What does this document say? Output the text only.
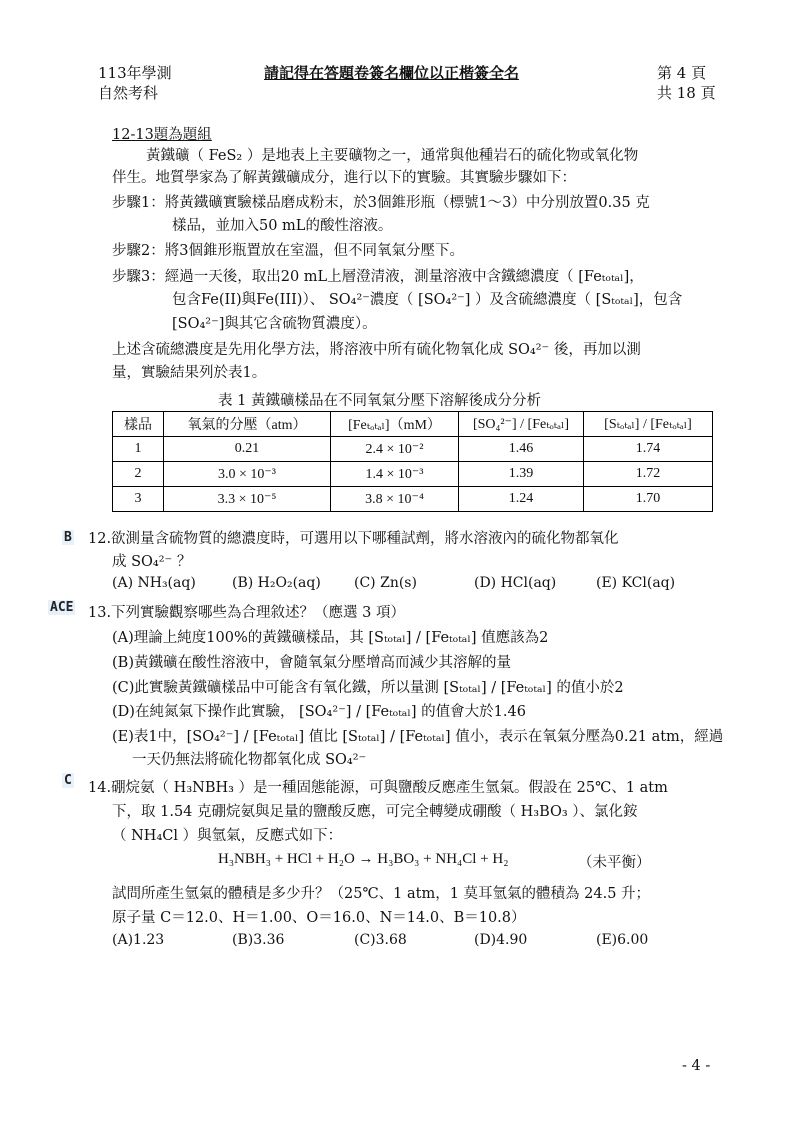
113年學測
自然考科
請記得在答題卷簽名欄位以正楷簽全名	第 4 頁
共 18 頁
12-13題為題組
黃鐵礦（ FeS₂ ）是地表上主要礦物之一，通常與他種岩石的硫化物或氧化物
伴生。地質學家為了解黃鐵礦成分，進行以下的實驗。其實驗步驟如下：
步驟1：將黃鐵礦實驗樣品磨成粉末，於3個錐形瓶（標號1～3）中分別放置0.35 克
樣品，並加入50 mL的酸性溶液。
步驟2：將3個錐形瓶置放在室溫，但不同氧氣分壓下。
步驟3：經過一天後，取出20 mL上層澄清液，測量溶液中含鐵總濃度（ [Feₜₒₜₐₗ]，
包含Fe(II)與Fe(III)）、 SO₄²⁻濃度（ [SO₄²⁻] ）及含硫總濃度（ [Sₜₒₜₐₗ]，包含
[SO₄²⁻]與其它含硫物質濃度）。
上述含硫總濃度是先用化學方法，將溶液中所有硫化物氧化成 SO₄²⁻ 後，再加以測
量，實驗結果列於表1。
表 1 黃鐵礦樣品在不同氧氣分壓下溶解後成分分析
樣品	氧氣的分壓（atm）	[Feₜₒₜₐₗ]（mM）	[SO₄²⁻] / [Feₜₒₜₐₗ]	[Sₜₒₜₐₗ] / [Feₜₒₜₐₗ]
1	0.21	2.4 × 10⁻²	1.46	1.74
2	3.0 × 10⁻³	1.4 × 10⁻³	1.39	1.72
3	3.3 × 10⁻⁵	3.8 × 10⁻⁴	1.24	1.70
B 12.欲測量含硫物質的總濃度時，可選用以下哪種試劑，將水溶液內的硫化物都氧化
成 SO₄²⁻ ？
(A) NH₃(aq)	(B) H₂O₂(aq) (C) Zn(s)	(D) HCl(aq)	(E) KCl(aq)
ACE 13.下列實驗觀察哪些為合理敘述？（應選 3 項）
(A)理論上純度100%的黃鐵礦樣品，其 [Sₜₒₜₐₗ] / [Feₜₒₜₐₗ] 值應該為2
(B)黃鐵礦在酸性溶液中，會隨氧氣分壓增高而減少其溶解的量
(C)此實驗黃鐵礦樣品中可能含有氧化鐵，所以量測 [Sₜₒₜₐₗ] / [Feₜₒₜₐₗ] 的值小於2
(D)在純氮氣下操作此實驗， [SO₄²⁻] / [Feₜₒₜₐₗ] 的值會大於1.46
(E)表1中，[SO₄²⁻] / [Feₜₒₜₐₗ] 值比 [Sₜₒₜₐₗ] / [Feₜₒₜₐₗ] 值小，表示在氧氣分壓為0.21 atm，經過
一天仍無法將硫化物都氧化成 SO₄²⁻
C 14.硼烷氨（ H₃NBH₃ ）是一種固態能源，可與鹽酸反應產生氫氣。假設在 25℃、1 atm
下，取 1.54 克硼烷氨與足量的鹽酸反應，可完全轉變成硼酸（ H₃BO₃ ）、氯化銨
（ NH₄Cl ）與氫氣，反應式如下：
H₃NBH₃ + HCl + H₂O → H₃BO₃ + NH₄Cl + H₂	（未平衡）
試問所產生氫氣的體積是多少升？（25℃、1 atm，1 莫耳氫氣的體積為 24.5 升；
原子量 C＝12.0、H＝1.00、O＝16.0、N＝14.0、B＝10.8）
(A)1.23	(B)3.36	(C)3.68	(D)4.90	(E)6.00
- 4 -
